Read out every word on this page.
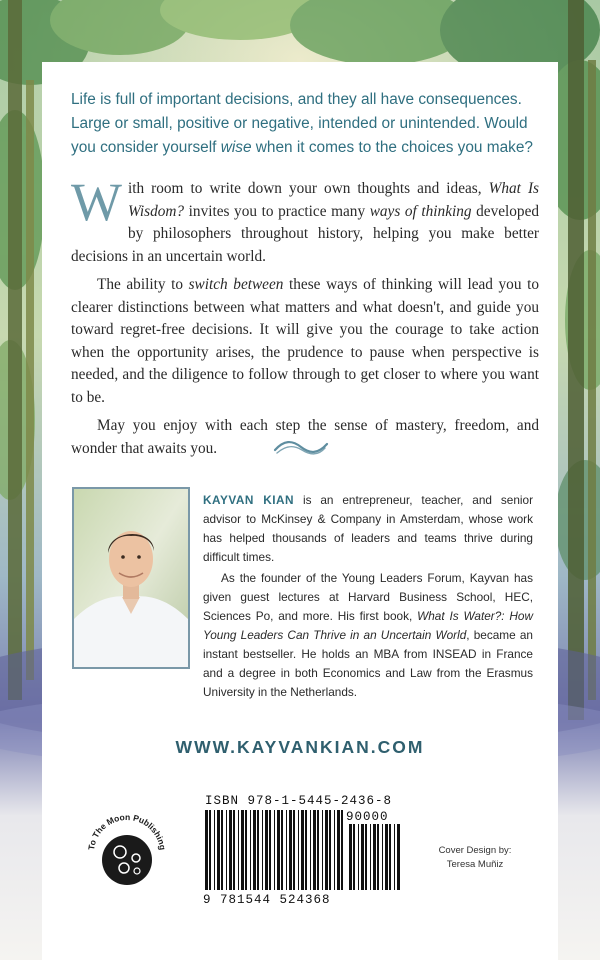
Life is full of important decisions, and they all have consequences. Large or small, positive or negative, intended or unintended. Would you consider yourself wise when it comes to the choices you make?

With room to write down your own thoughts and ideas, What Is Wisdom? invites you to practice many ways of thinking developed by philosophers throughout history, helping you make better decisions in an uncertain world.

The ability to switch between these ways of thinking will lead you to clearer distinctions between what matters and what doesn't, and guide you toward regret-free decisions. It will give you the courage to take action when the opportunity arises, the prudence to pause when perspective is needed, and the diligence to follow through to get closer to where you want to be.

May you enjoy with each step the sense of mastery, freedom, and wonder that awaits you.

KAYVAN KIAN is an entrepreneur, teacher, and senior advisor to McKinsey & Company in Amsterdam, whose work has helped thousands of leaders and teams thrive during difficult times.

As the founder of the Young Leaders Forum, Kayvan has given guest lectures at Harvard Business School, HEC, Sciences Po, and more. His first book, What Is Water?: How Young Leaders Can Thrive in an Uncertain World, became an instant bestseller. He holds an MBA from INSEAD in France and a degree in both Economics and Law from the Erasmus University in the Netherlands.

WWW.KAYVANKIAN.COM
To The Moon Publishing
ISBN 978-1-5445-2436-8
90000
9 781544 524368
Cover Design by:
Teresa Muñiz
